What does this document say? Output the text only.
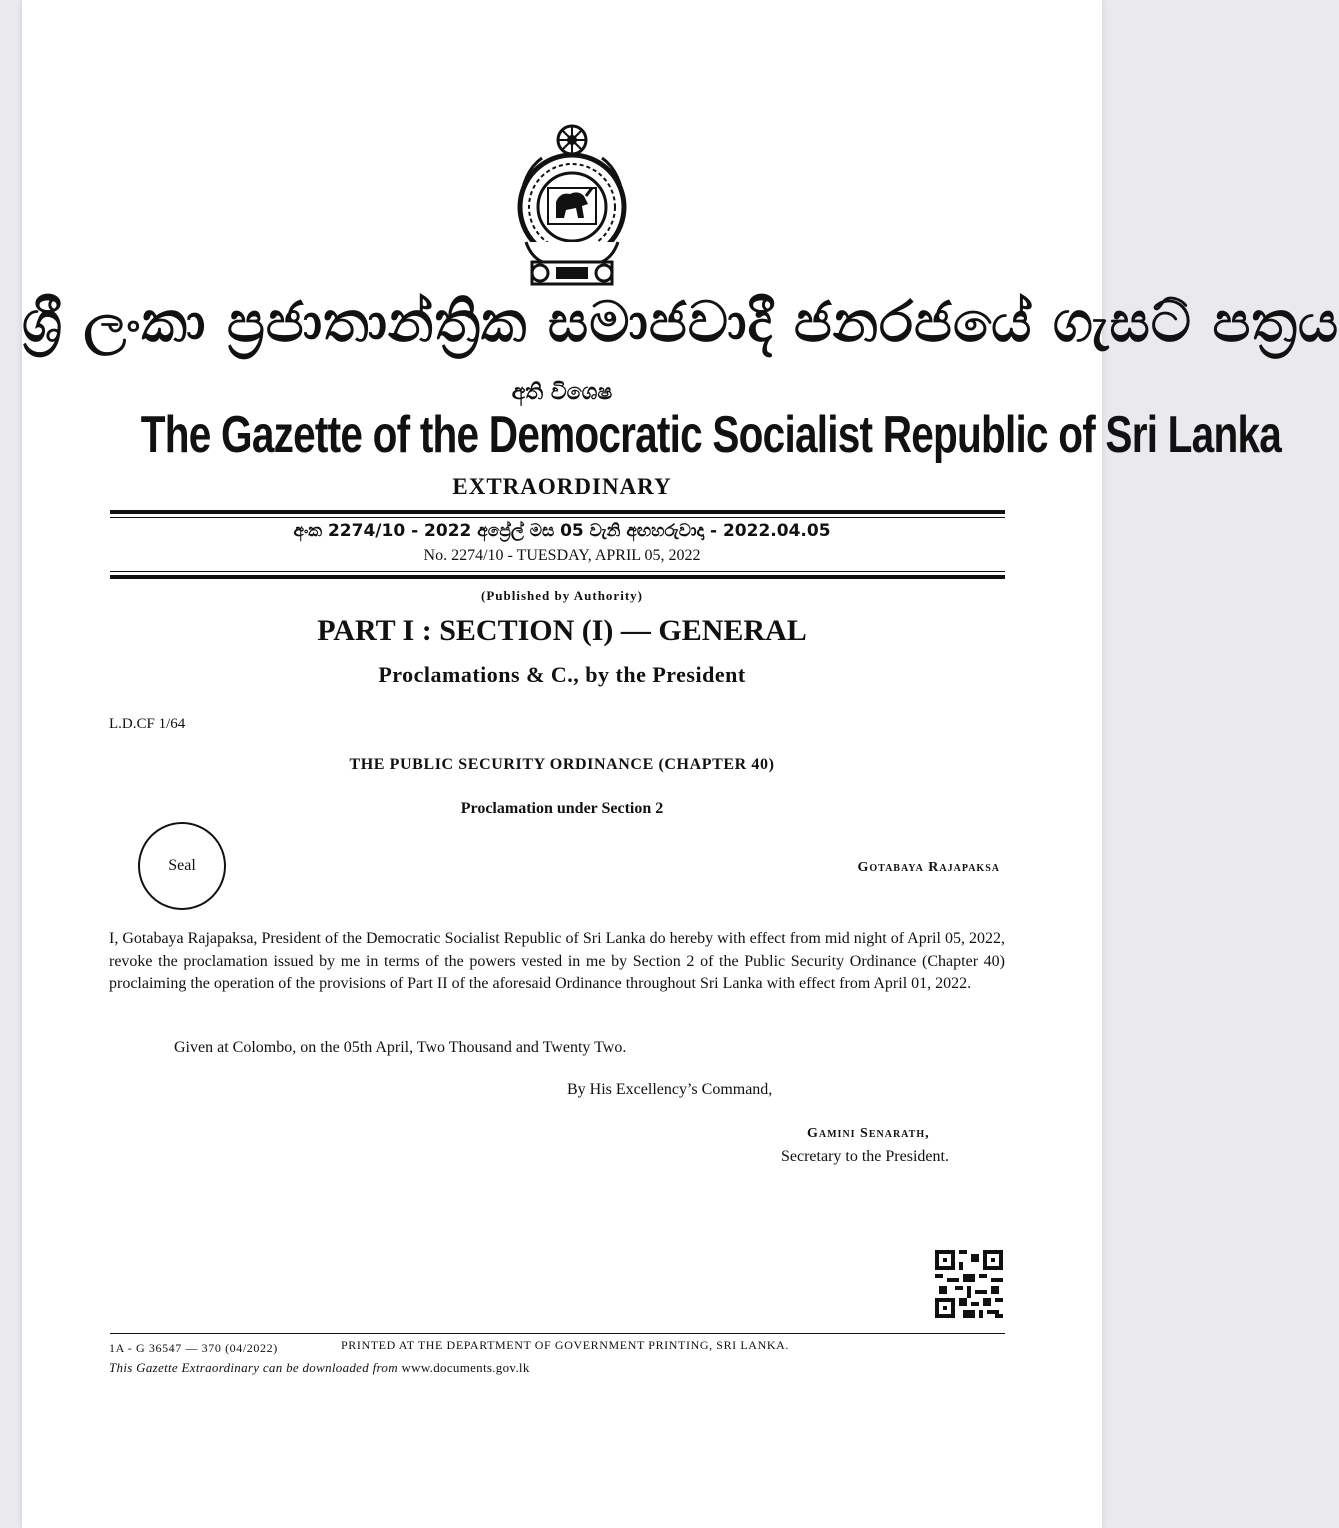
ශ්‍රී ලංකා ප්‍රජාතාන්ත්‍රික සමාජවාදී ජනරජයේ ගැසට් පත්‍රය
අති විශෙෂ
The Gazette of the Democratic Socialist Republic of Sri Lanka
EXTRAORDINARY
අංක 2274/10 - 2022 අප්‍රේල් මස 05 වැනි අඟහරුවාදා - 2022.04.05
No. 2274/10 - TUESDAY, APRIL 05, 2022
(Published by Authority)
PART I : SECTION (I) — GENERAL
Proclamations & C., by the President
L.D.CF 1/64
THE PUBLIC SECURITY ORDINANCE (CHAPTER 40)
Proclamation under Section 2
Seal	Gotabaya Rajapaksa
I, Gotabaya Rajapaksa, President of the Democratic Socialist Republic of Sri Lanka do hereby with effect from mid night of April 05, 2022, revoke the proclamation issued by me in terms of the powers vested in me by Section 2 of the Public Security Ordinance (Chapter 40) proclaiming the operation of the provisions of Part II of the aforesaid Ordinance throughout Sri Lanka with effect from April 01, 2022.
Given at Colombo, on the 05th April, Two Thousand and Twenty Two.
By His Excellency’s Command,
Gamini Senarath,
Secretary to the President.
1A - G 36547 — 370 (04/2022)	PRINTED AT THE DEPARTMENT OF GOVERNMENT PRINTING, SRI LANKA.
This Gazette Extraordinary can be downloaded from www.documents.gov.lk
